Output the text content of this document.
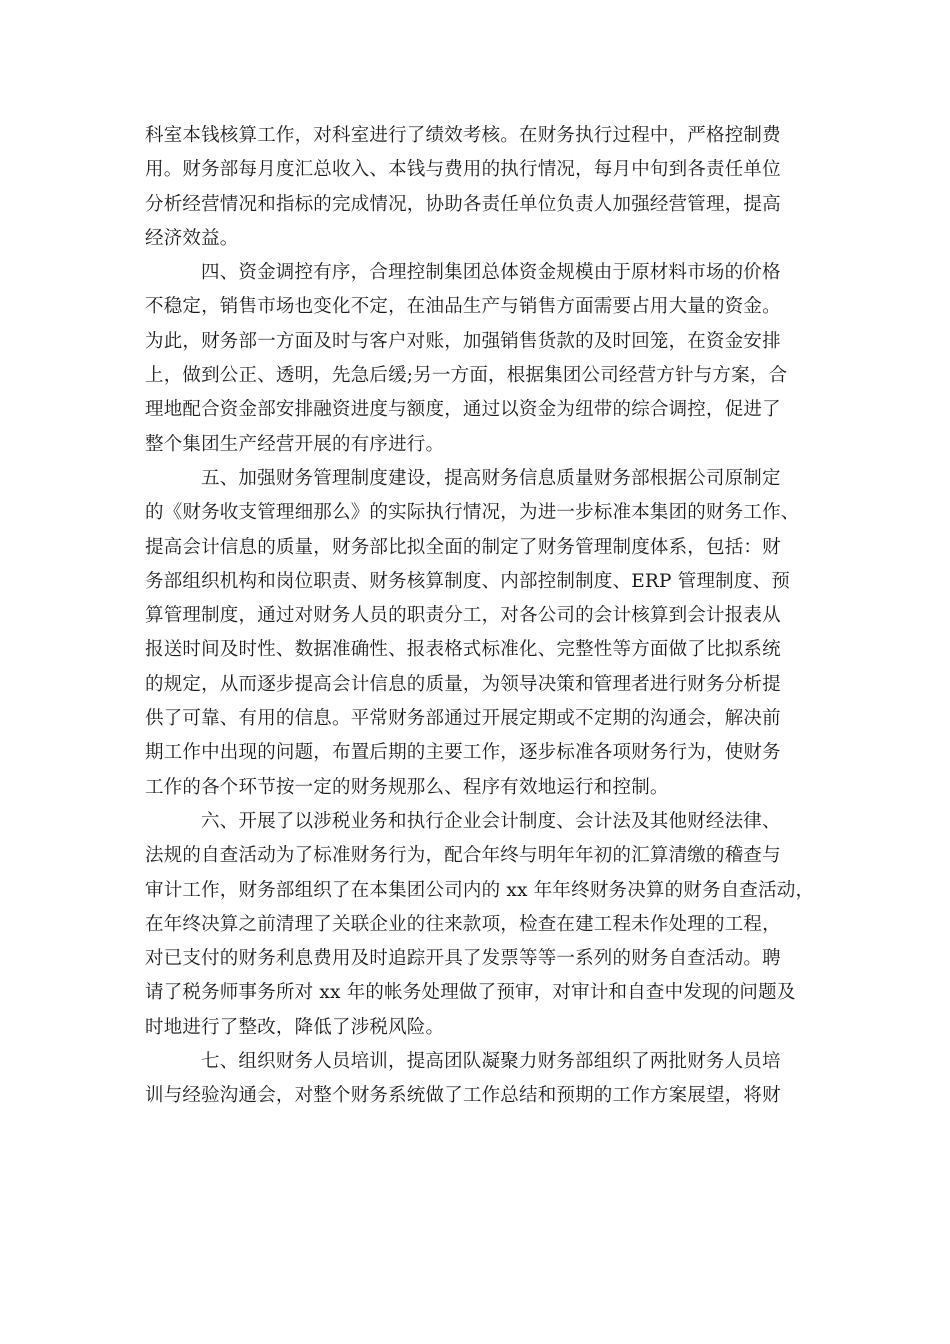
科室本钱核算工作，对科室进行了绩效考核。在财务执行过程中，严格控制费
用。财务部每月度汇总收入、本钱与费用的执行情况，每月中旬到各责任单位
分析经营情况和指标的完成情况，协助各责任单位负责人加强经营管理，提高
经济效益。
四、资金调控有序，合理控制集团总体资金规模由于原材料市场的价格
不稳定，销售市场也变化不定，在油品生产与销售方面需要占用大量的资金。
为此，财务部一方面及时与客户对账，加强销售货款的及时回笼，在资金安排
上，做到公正、透明，先急后缓;另一方面，根据集团公司经营方针与方案，合
理地配合资金部安排融资进度与额度，通过以资金为纽带的综合调控，促进了
整个集团生产经营开展的有序进行。
五、加强财务管理制度建设，提高财务信息质量财务部根据公司原制定
的《财务收支管理细那么》的实际执行情况，为进一步标准本集团的财务工作、
提高会计信息的质量，财务部比拟全面的制定了财务管理制度体系，包括：财
务部组织机构和岗位职责、财务核算制度、内部控制制度、ERP 管理制度、预
算管理制度，通过对财务人员的职责分工，对各公司的会计核算到会计报表从
报送时间及时性、数据准确性、报表格式标准化、完整性等方面做了比拟系统
的规定，从而逐步提高会计信息的质量，为领导决策和管理者进行财务分析提
供了可靠、有用的信息。平常财务部通过开展定期或不定期的沟通会，解决前
期工作中出现的问题，布置后期的主要工作，逐步标准各项财务行为，使财务
工作的各个环节按一定的财务规那么、程序有效地运行和控制。
六、开展了以涉税业务和执行企业会计制度、会计法及其他财经法律、
法规的自查活动为了标准财务行为，配合年终与明年年初的汇算清缴的稽查与
审计工作，财务部组织了在本集团公司内的 xx 年年终财务决算的财务自查活动，
在年终决算之前清理了关联企业的往来款项，检查在建工程未作处理的工程，
对已支付的财务利息费用及时追踪开具了发票等等一系列的财务自查活动。聘
请了税务师事务所对 xx 年的帐务处理做了预审，对审计和自查中发现的问题及
时地进行了整改，降低了涉税风险。
七、组织财务人员培训，提高团队凝聚力财务部组织了两批财务人员培
训与经验沟通会，对整个财务系统做了工作总结和预期的工作方案展望，将财
